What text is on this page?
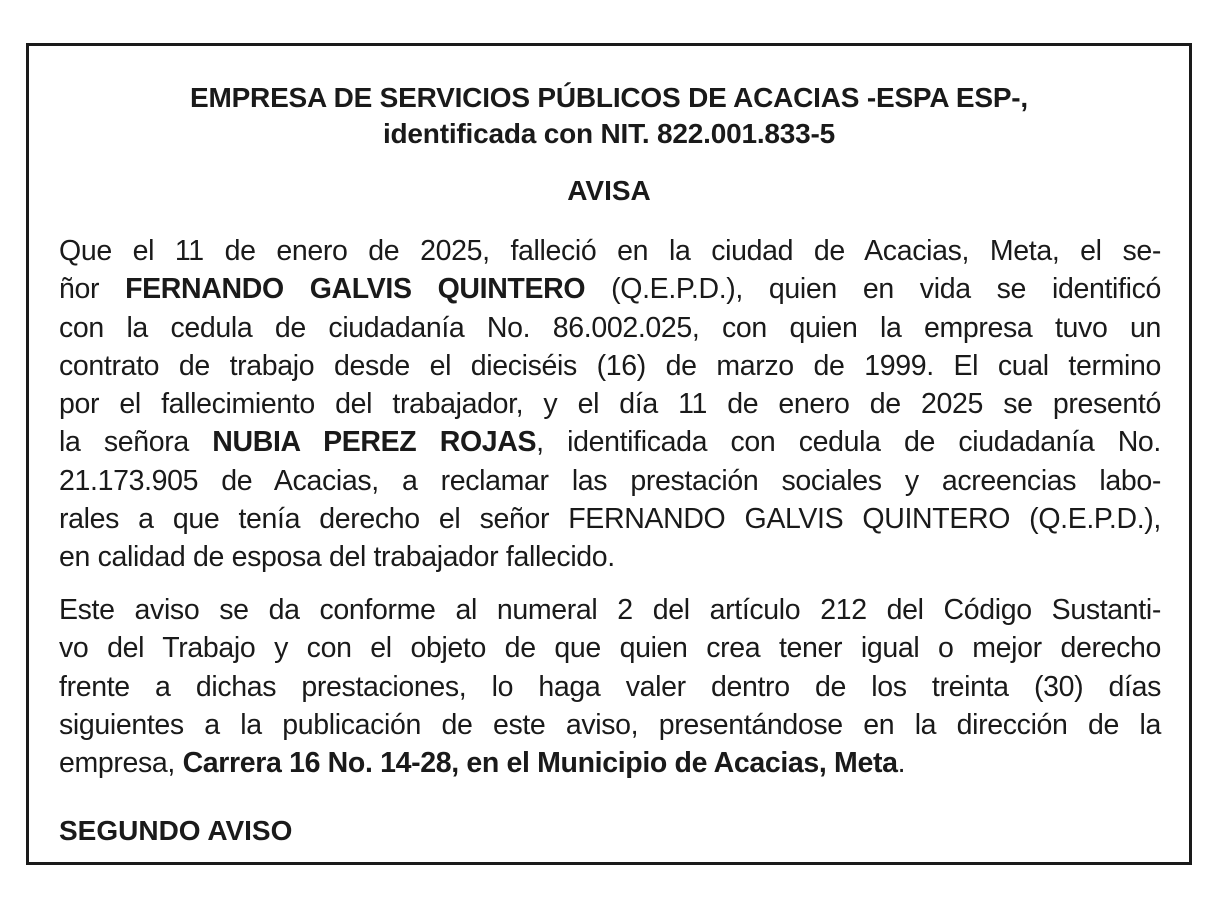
EMPRESA DE SERVICIOS PÚBLICOS DE ACACIAS -ESPA ESP-,
identificada con NIT. 822.001.833-5
AVISA
Que el 11 de enero de 2025, falleció en la ciudad de Acacias, Meta, el se-
ñor FERNANDO GALVIS QUINTERO (Q.E.P.D.), quien en vida se identificó
con la cedula de ciudadanía No. 86.002.025, con quien la empresa tuvo un
contrato de trabajo desde el dieciséis (16) de marzo de 1999. El cual termino
por el fallecimiento del trabajador, y el día 11 de enero de 2025 se presentó
la señora NUBIA PEREZ ROJAS, identificada con cedula de ciudadanía No.
21.173.905 de Acacias, a reclamar las prestación sociales y acreencias labo-
rales a que tenía derecho el señor FERNANDO GALVIS QUINTERO (Q.E.P.D.),
en calidad de esposa del trabajador fallecido.
Este aviso se da conforme al numeral 2 del artículo 212 del Código Sustanti-
vo del Trabajo y con el objeto de que quien crea tener igual o mejor derecho
frente a dichas prestaciones, lo haga valer dentro de los treinta (30) días
siguientes a la publicación de este aviso, presentándose en la dirección de la
empresa, Carrera 16 No. 14-28, en el Municipio de Acacias, Meta.
SEGUNDO AVISO
